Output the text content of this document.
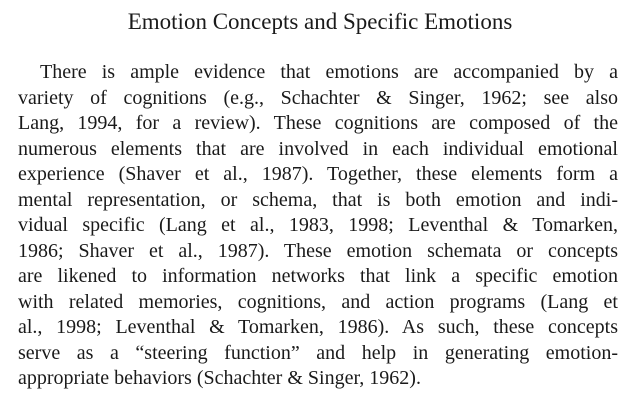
Emotion Concepts and Specific Emotions
There is ample evidence that emotions are accompanied by a
variety of cognitions (e.g., Schachter & Singer, 1962; see also
Lang, 1994, for a review). These cognitions are composed of the
numerous elements that are involved in each individual emotional
experience (Shaver et al., 1987). Together, these elements form a
mental representation, or schema, that is both emotion and indi-
vidual specific (Lang et al., 1983, 1998; Leventhal & Tomarken,
1986; Shaver et al., 1987). These emotion schemata or concepts
are likened to information networks that link a specific emotion
with related memories, cognitions, and action programs (Lang et
al., 1998; Leventhal & Tomarken, 1986). As such, these concepts
serve as a “steering function” and help in generating emotion-
appropriate behaviors (Schachter & Singer, 1962).
